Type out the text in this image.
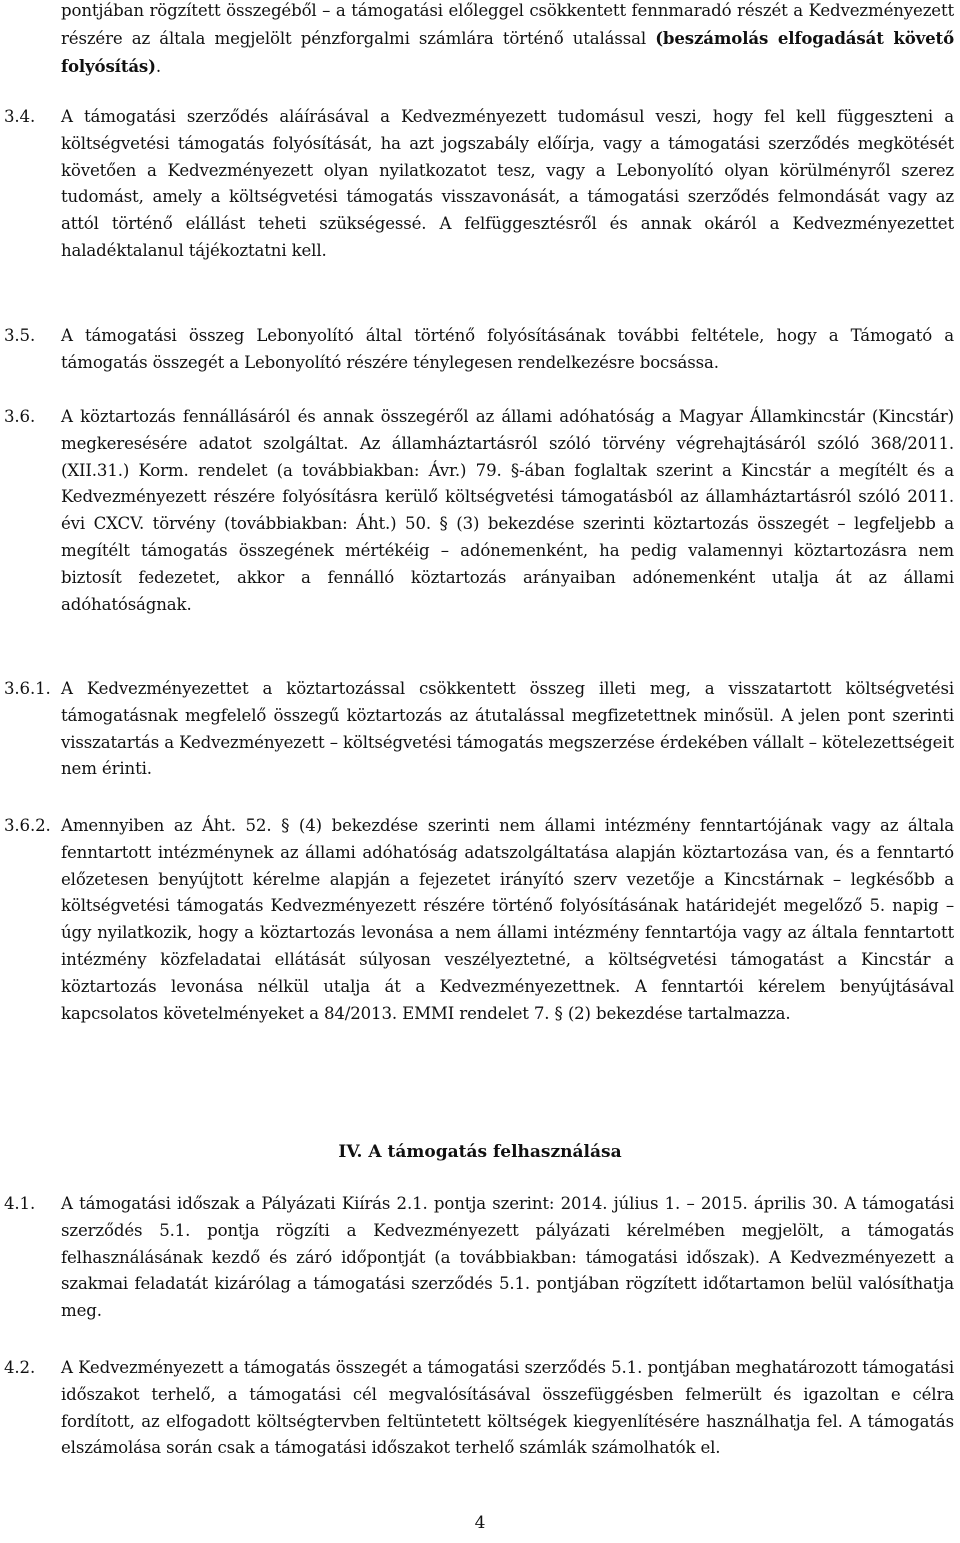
pontjában rögzített összegéből – a támogatási előleggel csökkentett fennmaradó részét a Kedvezményezett részére az általa megjelölt pénzforgalmi számlára történő utalással (beszámolás elfogadását követő folyósítás).
3.4. A támogatási szerződés aláírásával a Kedvezményezett tudomásul veszi, hogy fel kell függeszteni a költségvetési támogatás folyósítását, ha azt jogszabály előírja, vagy a támogatási szerződés megkötését követően a Kedvezményezett olyan nyilatkozatot tesz, vagy a Lebonyolító olyan körülményről szerez tudomást, amely a költségvetési támogatás visszavonását, a támogatási szerződés felmondását vagy az attól történő elállást teheti szükségessé. A felfüggesztésről és annak okáról a Kedvezményezettet haladéktalanul tájékoztatni kell.
3.5. A támogatási összeg Lebonyolító által történő folyósításának további feltétele, hogy a Támogató a támogatás összegét a Lebonyolító részére ténylegesen rendelkezésre bocsássa.
3.6. A köztartozás fennállásáról és annak összegéről az állami adóhatóság a Magyar Államkincstár (Kincstár) megkeresésére adatot szolgáltat. Az államháztartásról szóló törvény végrehajtásáról szóló 368/2011. (XII.31.) Korm. rendelet (a továbbiakban: Ávr.) 79. §-ában foglaltak szerint a Kincstár a megítélt és a Kedvezményezett részére folyósításra kerülő költségvetési támogatásból az államháztartásról szóló 2011. évi CXCV. törvény (továbbiakban: Áht.) 50. § (3) bekezdése szerinti köztartozás összegét – legfeljebb a megítélt támogatás összegének mértékéig – adónemenként, ha pedig valamennyi köztartozásra nem biztosít fedezetet, akkor a fennálló köztartozás arányaiban adónemenként utalja át az állami adóhatóságnak.
3.6.1. A Kedvezményezettet a köztartozással csökkentett összeg illeti meg, a visszatartott költségvetési támogatásnak megfelelő összegű köztartozás az átutalással megfizetettnek minősül. A jelen pont szerinti visszatartás a Kedvezményezett – költségvetési támogatás megszerzése érdekében vállalt – kötelezettségeit nem érinti.
3.6.2. Amennyiben az Áht. 52. § (4) bekezdése szerinti nem állami intézmény fenntartójának vagy az általa fenntartott intézménynek az állami adóhatóság adatszolgáltatása alapján köztartozása van, és a fenntartó előzetesen benyújtott kérelme alapján a fejezetet irányító szerv vezetője a Kincstárnak – legkésőbb a költségvetési támogatás Kedvezményezett részére történő folyósításának határidejét megelőző 5. napig – úgy nyilatkozik, hogy a köztartozás levonása a nem állami intézmény fenntartója vagy az általa fenntartott intézmény közfeladatai ellátását súlyosan veszélyeztetné, a költségvetési támogatást a Kincstár a köztartozás levonása nélkül utalja át a Kedvezményezettnek. A fenntartói kérelem benyújtásával kapcsolatos követelményeket a 84/2013. EMMI rendelet 7. § (2) bekezdése tartalmazza.
IV. A támogatás felhasználása
4.1. A támogatási időszak a Pályázati Kiírás 2.1. pontja szerint: 2014. július 1. – 2015. április 30. A támogatási szerződés 5.1. pontja rögzíti a Kedvezményezett pályázati kérelmében megjelölt, a támogatás felhasználásának kezdő és záró időpontját (a továbbiakban: támogatási időszak). A Kedvezményezett a szakmai feladatát kizárólag a támogatási szerződés 5.1. pontjában rögzített időtartamon belül valósíthatja meg.
4.2. A Kedvezményezett a támogatás összegét a támogatási szerződés 5.1. pontjában meghatározott támogatási időszakot terhelő, a támogatási cél megvalósításával összefüggésben felmerült és igazoltan e célra fordított, az elfogadott költségtervben feltüntetett költségek kiegyenlítésére használhatja fel. A támogatás elszámolása során csak a támogatási időszakot terhelő számlák számolhatók el.
4
